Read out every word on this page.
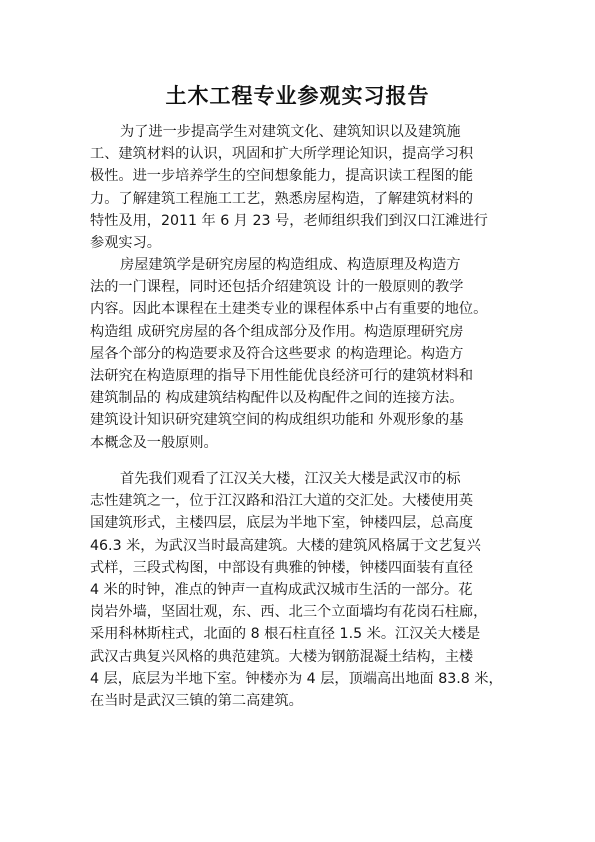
土木工程专业参观实习报告
为了进一步提高学生对建筑文化、建筑知识以及建筑施
工、建筑材料的认识，巩固和扩大所学理论知识，提高学习积
极性。进一步培养学生的空间想象能力，提高识读工程图的能
力。了解建筑工程施工工艺，熟悉房屋构造，了解建筑材料的
特性及用，2011 年 6 月 23 号，老师组织我们到汉口江滩进行
参观实习。
房屋建筑学是研究房屋的构造组成、构造原理及构造方
法的一门课程，同时还包括介绍建筑设 计的一般原则的教学
内容。因此本课程在土建类专业的课程体系中占有重要的地位。
构造组 成研究房屋的各个组成部分及作用。构造原理研究房
屋各个部分的构造要求及符合这些要求 的构造理论。构造方
法研究在构造原理的指导下用性能优良经济可行的建筑材料和
建筑制品的 构成建筑结构配件以及构配件之间的连接方法。
建筑设计知识研究建筑空间的构成组织功能和 外观形象的基
本概念及一般原则。
首先我们观看了江汉关大楼，江汉关大楼是武汉市的标
志性建筑之一，位于江汉路和沿江大道的交汇处。大楼使用英
国建筑形式，主楼四层，底层为半地下室，钟楼四层，总高度
46.3 米，为武汉当时最高建筑。大楼的建筑风格属于文艺复兴
式样，三段式构图，中部设有典雅的钟楼，钟楼四面装有直径
4 米的时钟，准点的钟声一直构成武汉城市生活的一部分。花
岗岩外墙，坚固壮观，东、西、北三个立面墙均有花岗石柱廊，
采用科林斯柱式，北面的 8 根石柱直径 1.5 米。江汉关大楼是
武汉古典复兴风格的典范建筑。大楼为钢筋混凝土结构，主楼
4 层，底层为半地下室。钟楼亦为 4 层，顶端高出地面 83.8 米，
在当时是武汉三镇的第二高建筑。
